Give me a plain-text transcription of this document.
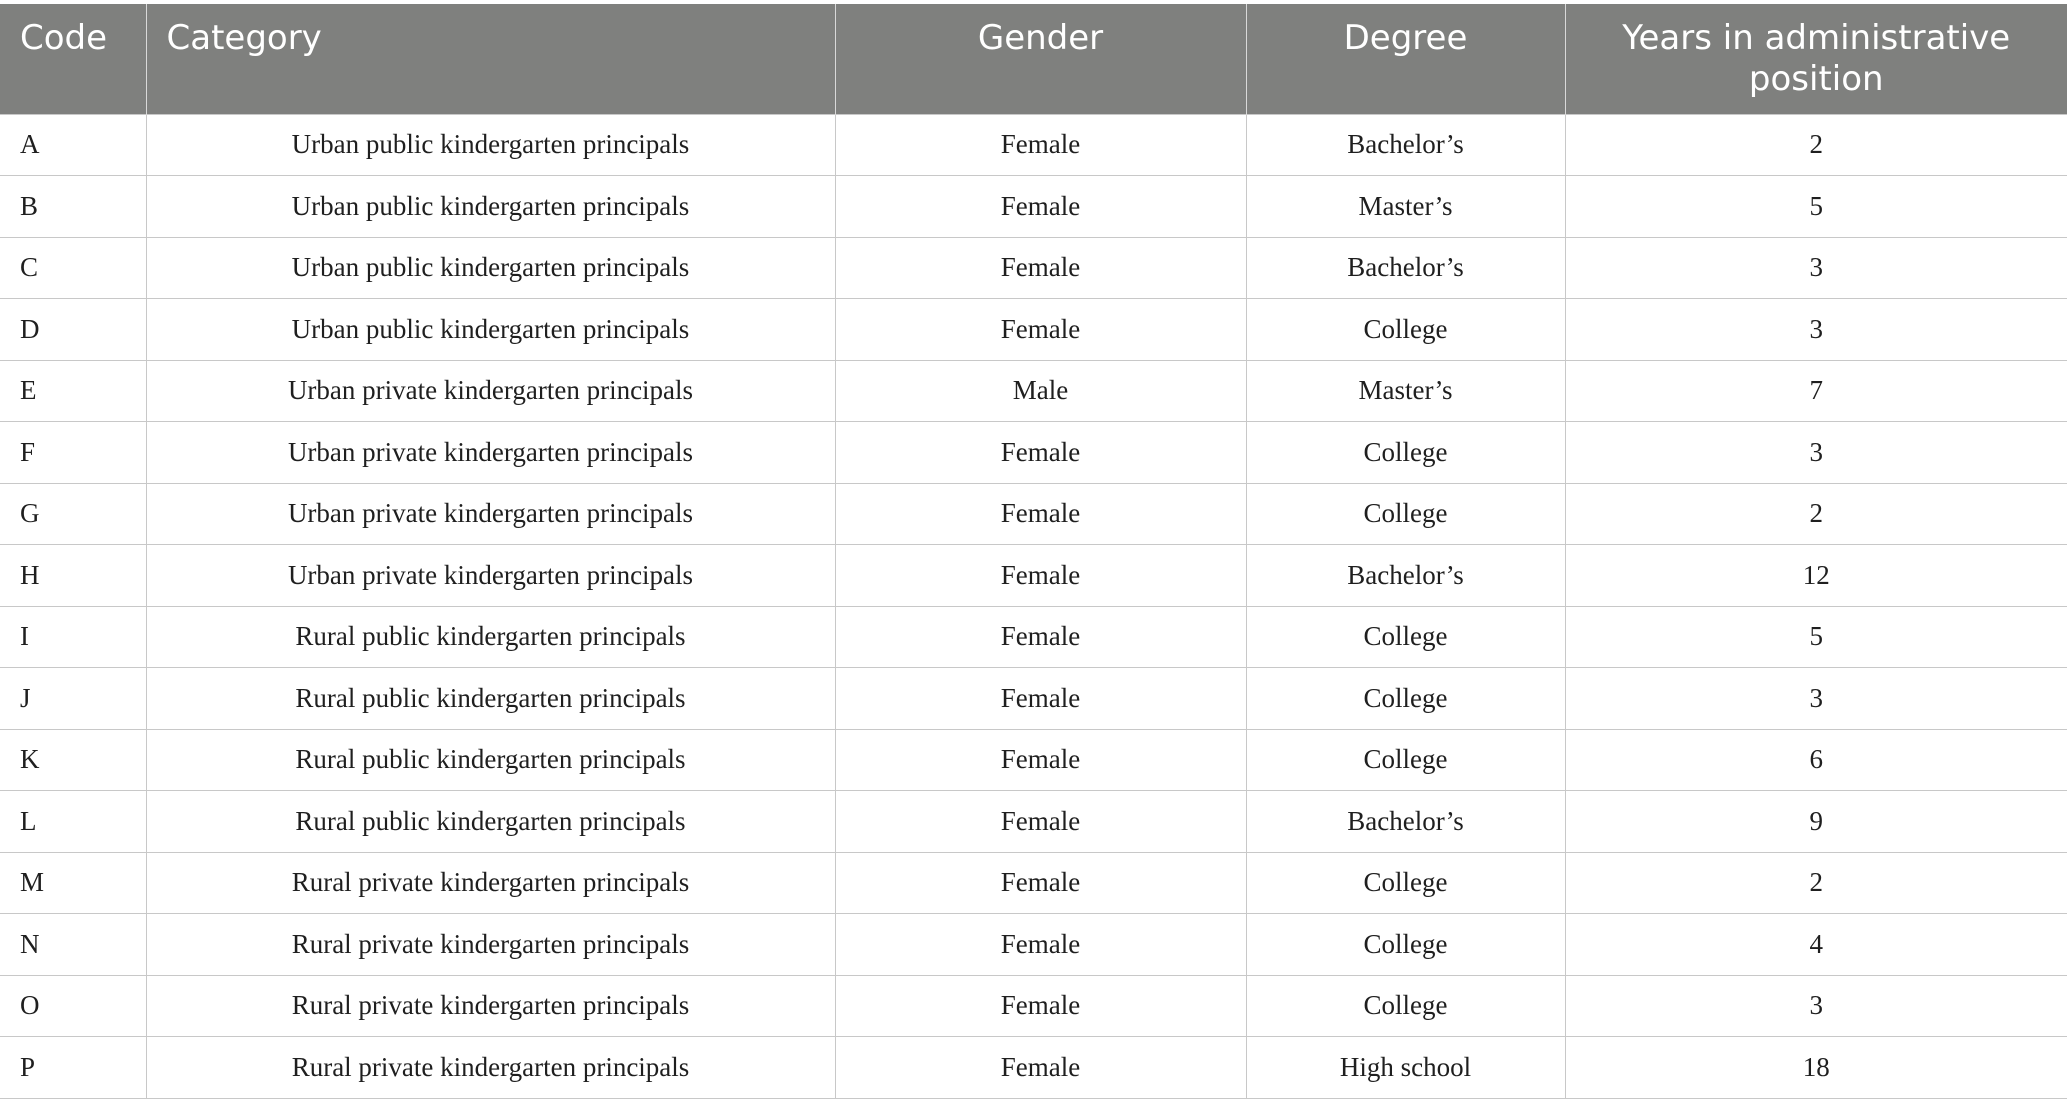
Code	Category	Gender	Degree	Years in administrative position
A	Urban public kindergarten principals	Female	Bachelor’s	2
B	Urban public kindergarten principals	Female	Master’s	5
C	Urban public kindergarten principals	Female	Bachelor’s	3
D	Urban public kindergarten principals	Female	College	3
E	Urban private kindergarten principals	Male	Master’s	7
F	Urban private kindergarten principals	Female	College	3
G	Urban private kindergarten principals	Female	College	2
H	Urban private kindergarten principals	Female	Bachelor’s	12
I	Rural public kindergarten principals	Female	College	5
J	Rural public kindergarten principals	Female	College	3
K	Rural public kindergarten principals	Female	College	6
L	Rural public kindergarten principals	Female	Bachelor’s	9
M	Rural private kindergarten principals	Female	College	2
N	Rural private kindergarten principals	Female	College	4
O	Rural private kindergarten principals	Female	College	3
P	Rural private kindergarten principals	Female	High school	18
